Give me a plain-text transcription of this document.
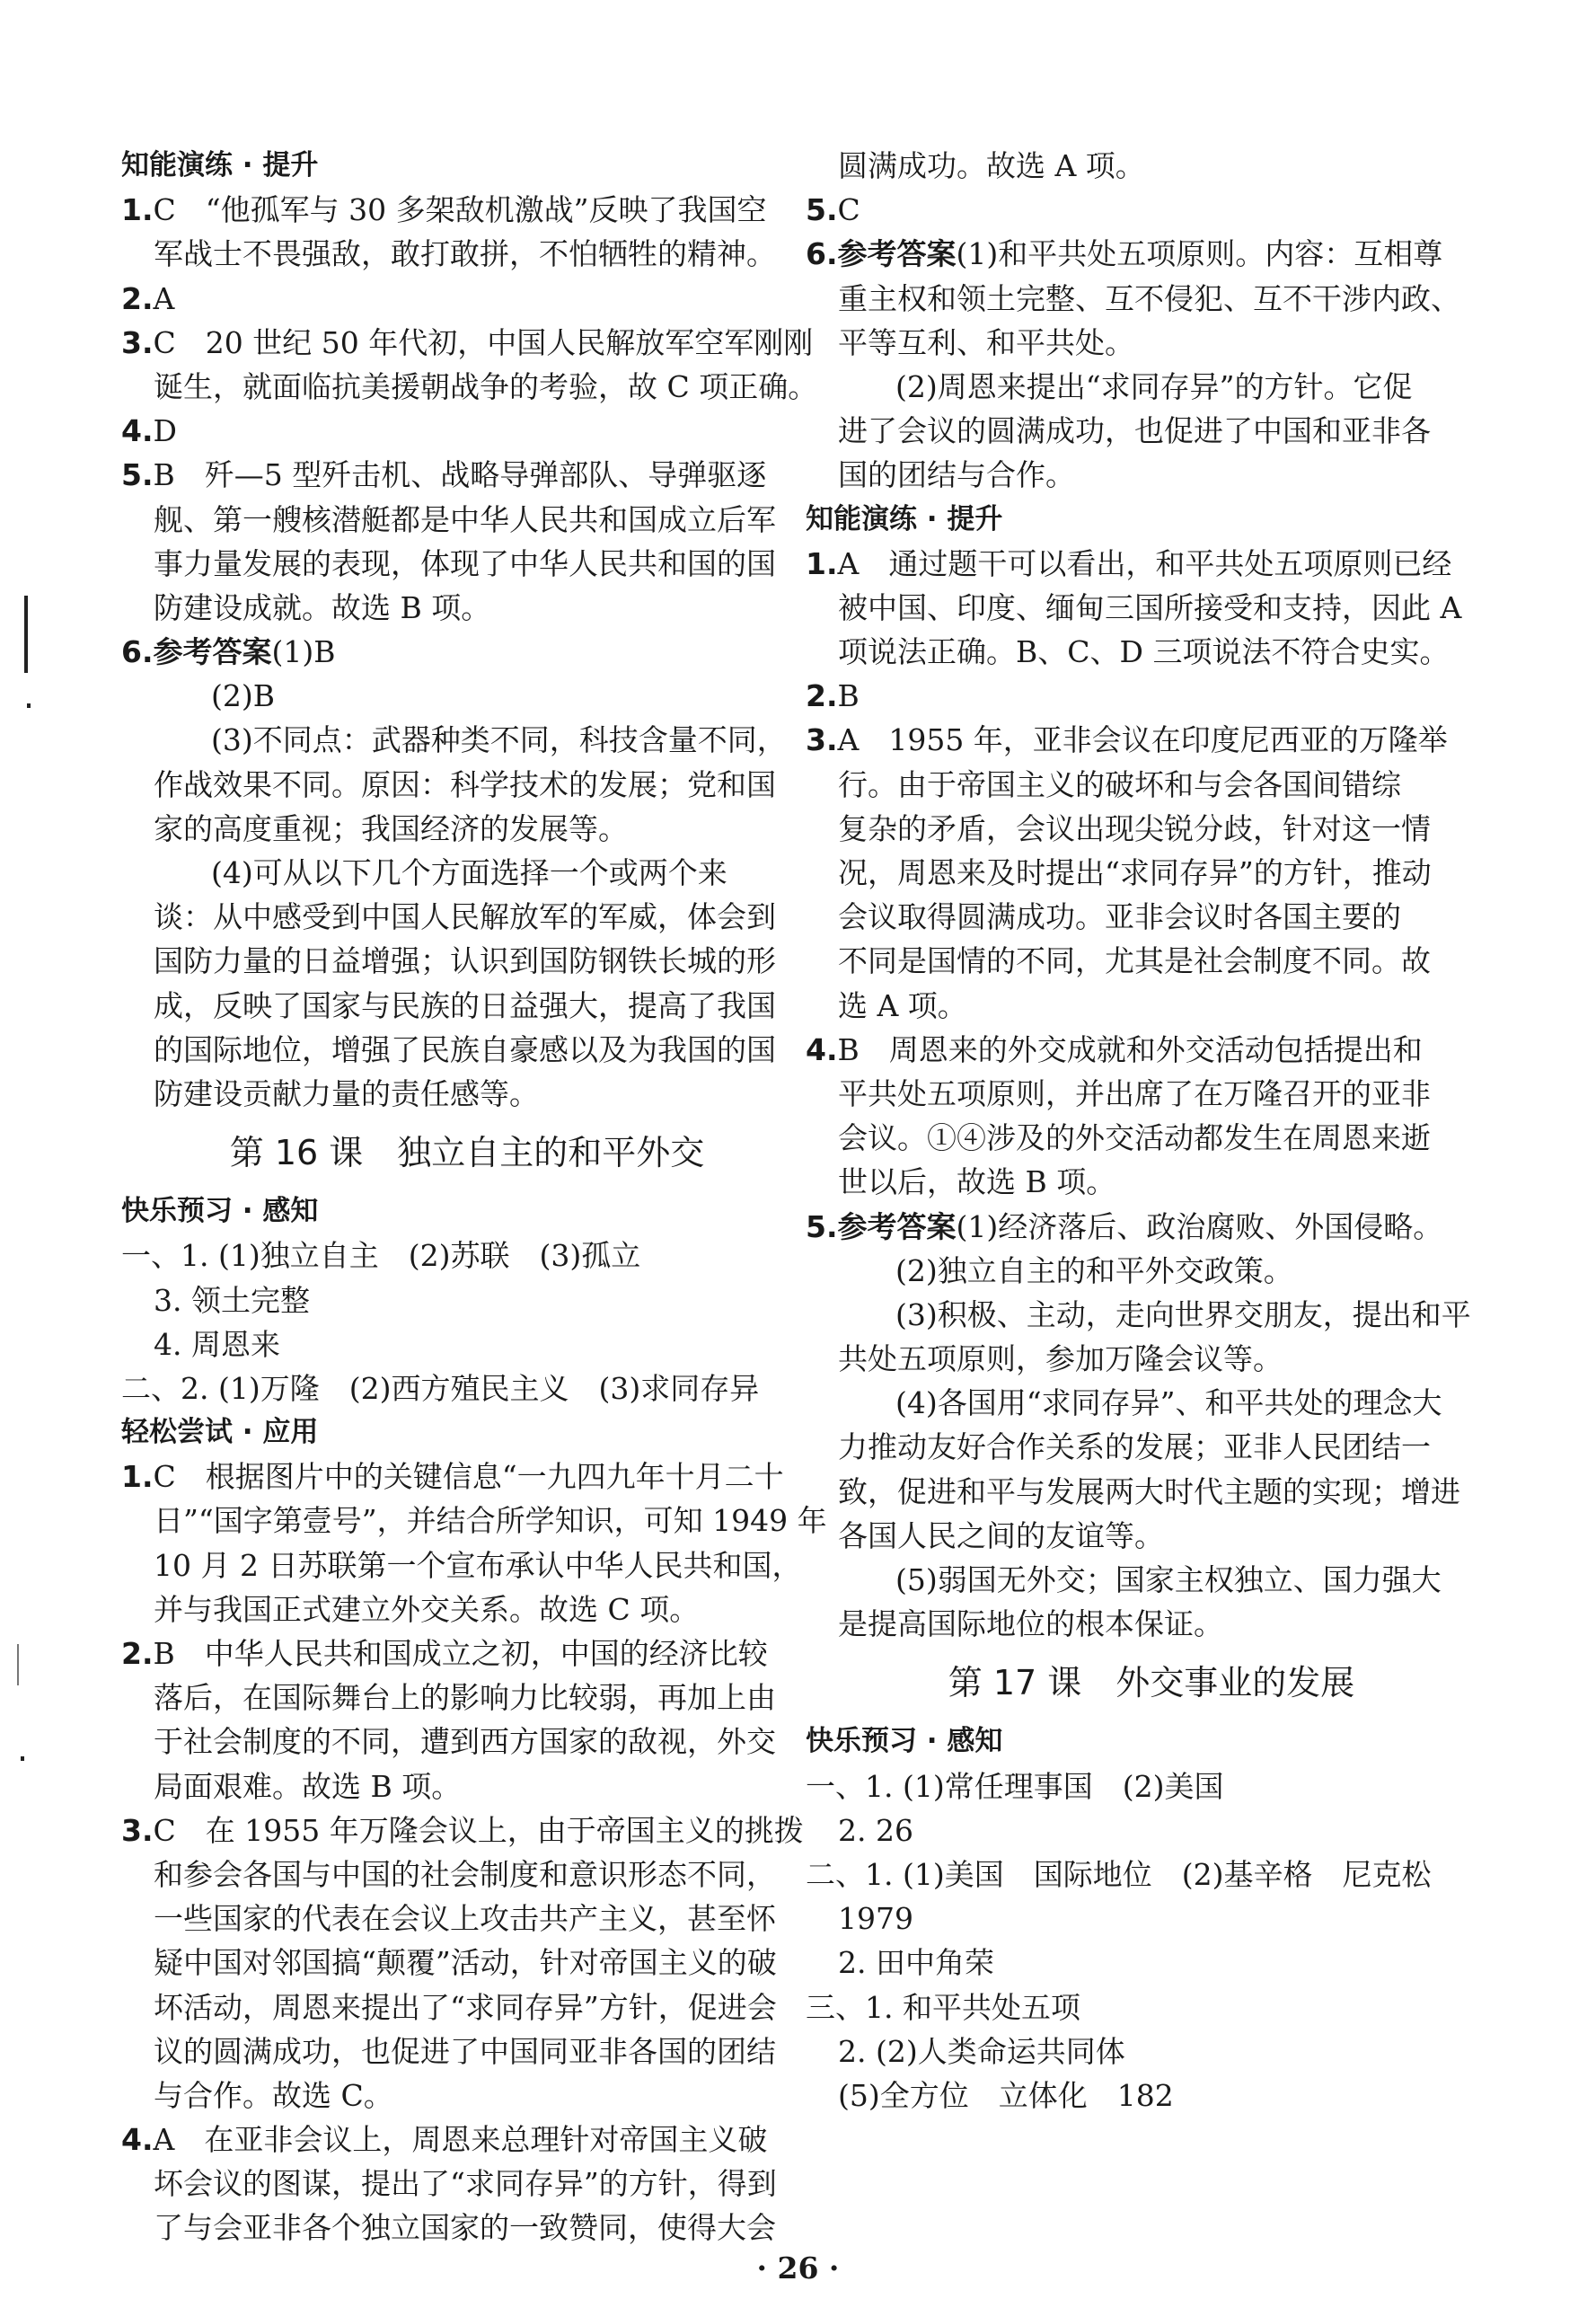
知能演练 · 提升
1.C　“他孤军与 30 多架敌机激战”反映了我国空
军战士不畏强敌，敢打敢拼，不怕牺牲的精神。
2.A
3.C　20 世纪 50 年代初，中国人民解放军空军刚刚
诞生，就面临抗美援朝战争的考验，故 C 项正确。
4.D
5.B　歼—5 型歼击机、战略导弹部队、导弹驱逐
舰、第一艘核潜艇都是中华人民共和国成立后军
事力量发展的表现，体现了中华人民共和国的国
防建设成就。故选 B 项。
6.参考答案(1)B
(2)B
(3)不同点：武器种类不同，科技含量不同，
作战效果不同。原因：科学技术的发展；党和国
家的高度重视；我国经济的发展等。
(4)可从以下几个方面选择一个或两个来
谈：从中感受到中国人民解放军的军威，体会到
国防力量的日益增强；认识到国防钢铁长城的形
成，反映了国家与民族的日益强大，提高了我国
的国际地位，增强了民族自豪感以及为我国的国
防建设贡献力量的责任感等。
第 16 课　独立自主的和平外交
快乐预习 · 感知
一、1. (1)独立自主　(2)苏联　(3)孤立
3. 领土完整
4. 周恩来
二、2. (1)万隆　(2)西方殖民主义　(3)求同存异
轻松尝试 · 应用
1.C　根据图片中的关键信息“一九四九年十月二十
日”“国字第壹号”，并结合所学知识，可知 1949 年
10 月 2 日苏联第一个宣布承认中华人民共和国，
并与我国正式建立外交关系。故选 C 项。
2.B　中华人民共和国成立之初，中国的经济比较
落后，在国际舞台上的影响力比较弱，再加上由
于社会制度的不同，遭到西方国家的敌视，外交
局面艰难。故选 B 项。
3.C　在 1955 年万隆会议上，由于帝国主义的挑拨
和参会各国与中国的社会制度和意识形态不同，
一些国家的代表在会议上攻击共产主义，甚至怀
疑中国对邻国搞“颠覆”活动，针对帝国主义的破
坏活动，周恩来提出了“求同存异”方针，促进会
议的圆满成功，也促进了中国同亚非各国的团结
与合作。故选 C。
4.A　在亚非会议上，周恩来总理针对帝国主义破
坏会议的图谋，提出了“求同存异”的方针，得到
了与会亚非各个独立国家的一致赞同，使得大会
圆满成功。故选 A 项。
5.C
6.参考答案(1)和平共处五项原则。内容：互相尊
重主权和领土完整、互不侵犯、互不干涉内政、
平等互利、和平共处。
(2)周恩来提出“求同存异”的方针。它促
进了会议的圆满成功，也促进了中国和亚非各
国的团结与合作。
知能演练 · 提升
1.A　通过题干可以看出，和平共处五项原则已经
被中国、印度、缅甸三国所接受和支持，因此 A
项说法正确。B、C、D 三项说法不符合史实。
2.B
3.A　1955 年，亚非会议在印度尼西亚的万隆举
行。由于帝国主义的破坏和与会各国间错综
复杂的矛盾，会议出现尖锐分歧，针对这一情
况，周恩来及时提出“求同存异”的方针，推动
会议取得圆满成功。亚非会议时各国主要的
不同是国情的不同，尤其是社会制度不同。故
选 A 项。
4.B　周恩来的外交成就和外交活动包括提出和
平共处五项原则，并出席了在万隆召开的亚非
会议。①④涉及的外交活动都发生在周恩来逝
世以后，故选 B 项。
5.参考答案(1)经济落后、政治腐败、外国侵略。
(2)独立自主的和平外交政策。
(3)积极、主动，走向世界交朋友，提出和平
共处五项原则，参加万隆会议等。
(4)各国用“求同存异”、和平共处的理念大
力推动友好合作关系的发展；亚非人民团结一
致，促进和平与发展两大时代主题的实现；增进
各国人民之间的友谊等。
(5)弱国无外交；国家主权独立、国力强大
是提高国际地位的根本保证。
第 17 课　外交事业的发展
快乐预习 · 感知
一、1. (1)常任理事国　(2)美国
2. 26
二、1. (1)美国　国际地位　(2)基辛格　尼克松
1979
2. 田中角荣
三、1. 和平共处五项
2. (2)人类命运共同体
(5)全方位　立体化　182
· 26 ·
